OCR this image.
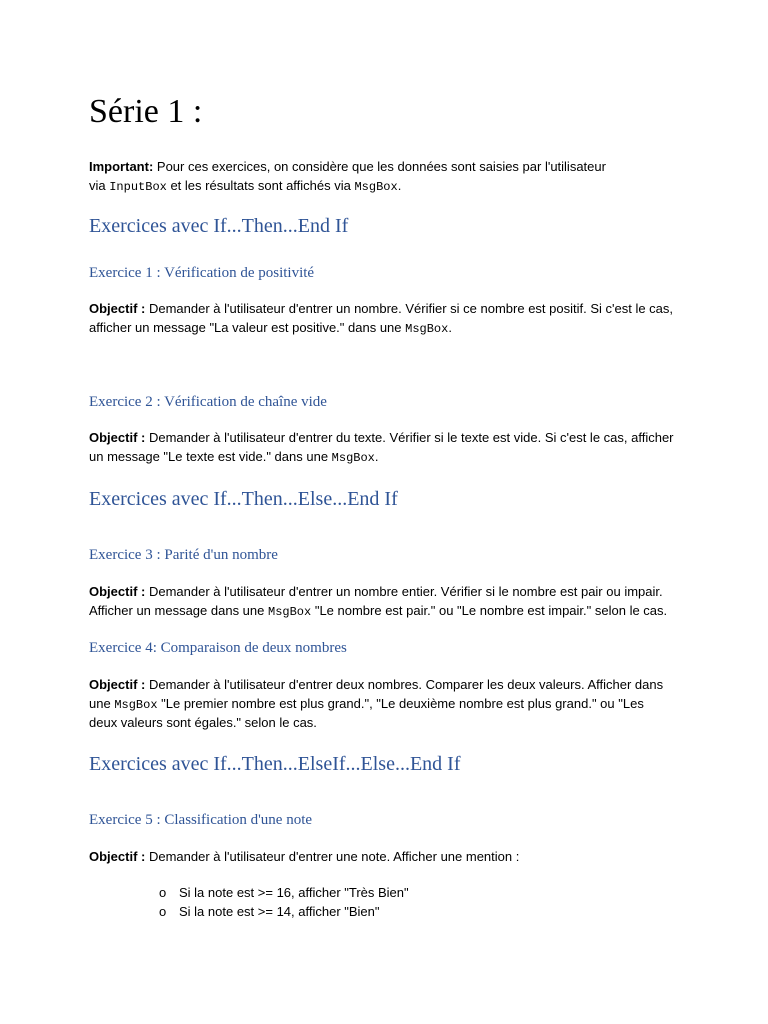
Série 1 :

Important: Pour ces exercices, on considère que les données sont saisies par l'utilisateur
via InputBox et les résultats sont affichés via MsgBox.

Exercices avec If...Then...End If
Exercice 1 : Vérification de positivité

Objectif : Demander à l'utilisateur d'entrer un nombre. Vérifier si ce nombre est positif. Si c'est le cas,
afficher un message "La valeur est positive." dans une MsgBox.

Exercice 2 : Vérification de chaîne vide

Objectif : Demander à l'utilisateur d'entrer du texte. Vérifier si le texte est vide. Si c'est le cas, afficher
un message "Le texte est vide." dans une MsgBox.

Exercices avec If...Then...Else...End If
Exercice 3 : Parité d'un nombre

Objectif : Demander à l'utilisateur d'entrer un nombre entier. Vérifier si le nombre est pair ou impair.
Afficher un message dans une MsgBox "Le nombre est pair." ou "Le nombre est impair." selon le cas.

Exercice 4: Comparaison de deux nombres

Objectif : Demander à l'utilisateur d'entrer deux nombres. Comparer les deux valeurs. Afficher dans
une MsgBox "Le premier nombre est plus grand.", "Le deuxième nombre est plus grand." ou "Les
deux valeurs sont égales." selon le cas.

Exercices avec If...Then...ElseIf...Else...End If
Exercice 5 : Classification d'une note

Objectif : Demander à l'utilisateur d'entrer une note. Afficher une mention :

o Si la note est >= 16, afficher "Très Bien"
o Si la note est >= 14, afficher "Bien"
